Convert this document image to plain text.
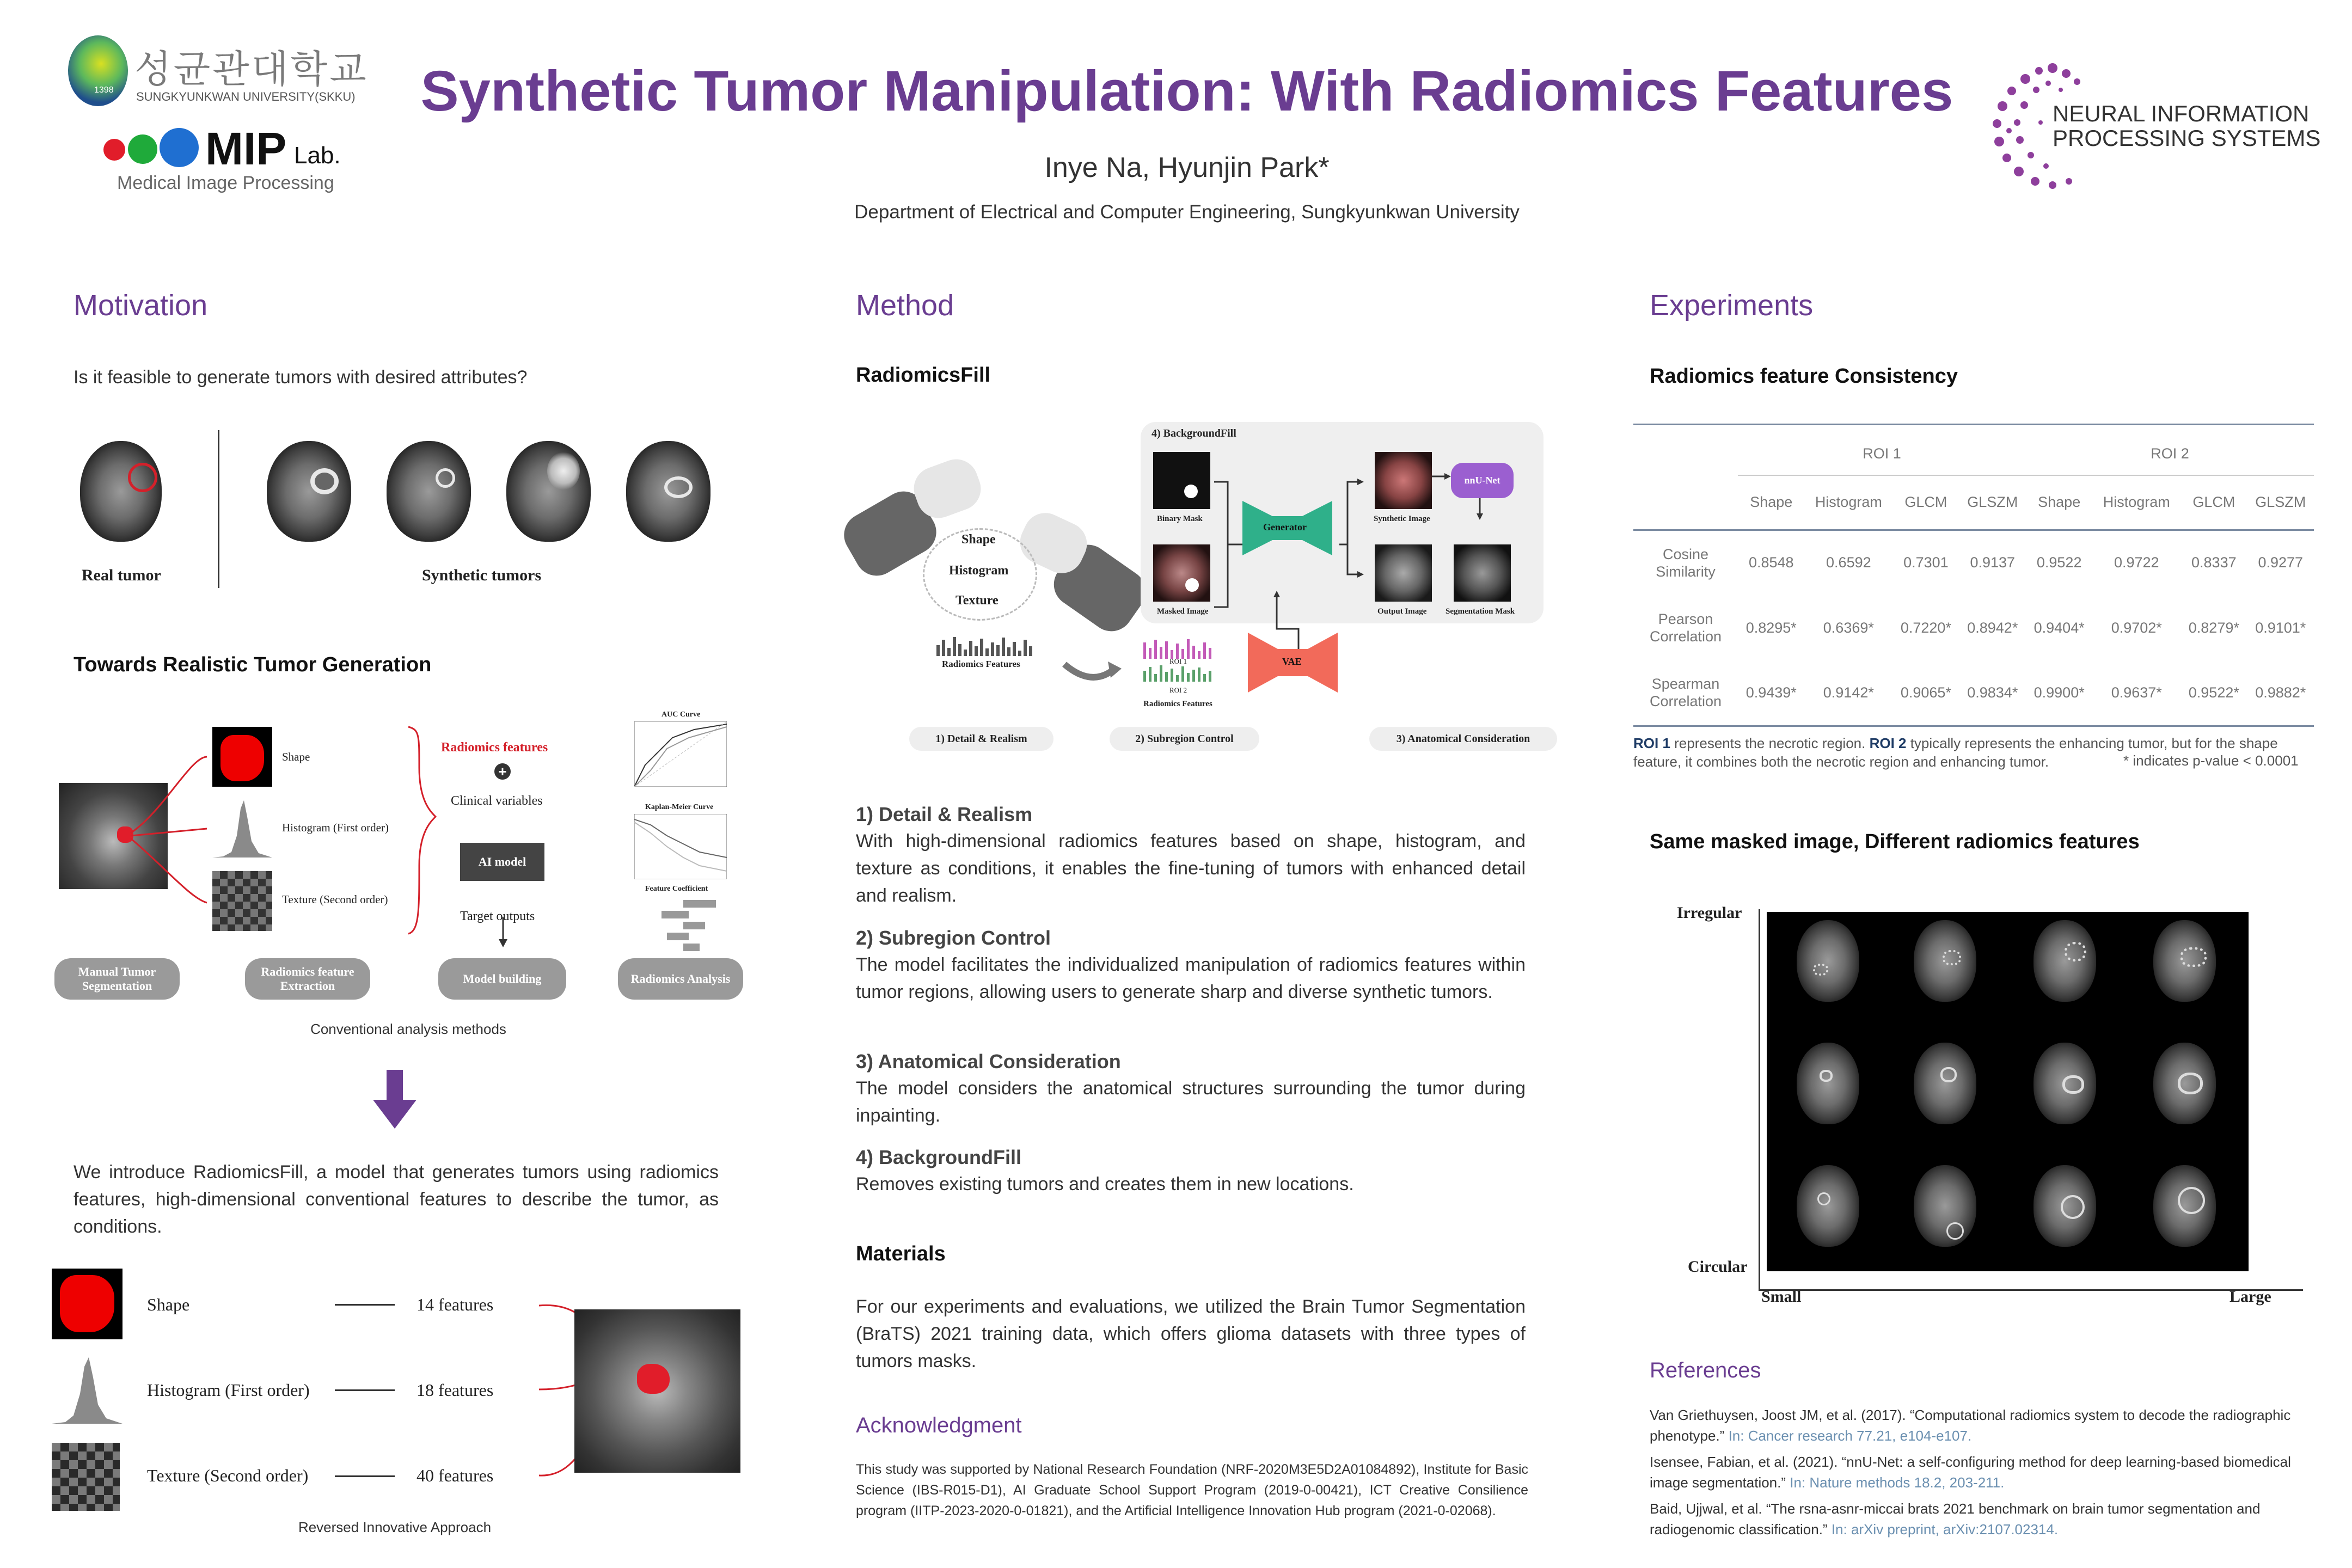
1398 성균관대학교
SUNGKYUNKWAN UNIVERSITY(SKKU)
MIP Lab.
Medical Image Processing
Synthetic Tumor Manipulation: With Radiomics Features
Inye Na, Hyunjin Park*
Department of Electrical and Computer Engineering, Sungkyunkwan University
NEURAL INFORMATION
PROCESSING SYSTEMS
Motivation
Is it feasible to generate tumors with desired attributes?
Real tumor	Synthetic tumors
Towards Realistic Tumor Generation
Shape
Histogram (First order)
Texture (Second order)
Radiomics features
+
Clinical variables
AI model
Target outputs
AUC Curve
Kaplan-Meier Curve
Feature Coefficient
Manual Tumor Segmentation
Radiomics feature Extraction
Model building	Radiomics Analysis
Conventional analysis methods
We introduce RadiomicsFill, a model that generates tumors using radiomics features, high-dimensional conventional features to describe the tumor, as conditions.
Shape	14 features
Histogram (First order)	18 features
Texture (Second order)	40 features
Reversed Innovative Approach
Method
RadiomicsFill
Shape
Histogram
Texture
Radiomics Features
4) BackgroundFill
Binary Mask
Masked Image
Generator
Synthetic Image
Output Image
nnU-Net
Segmentation Mask
ROI 1
ROI 2
Radiomics Features
VAE
1) Detail & Realism	2) Subregion Control	3) Anatomical Consideration
1) Detail & Realism
With high-dimensional radiomics features based on shape, histogram, and texture as conditions, it enables the fine-tuning of tumors with enhanced detail and realism.
2) Subregion Control
The model facilitates the individualized manipulation of radiomics features within tumor regions, allowing users to generate sharp and diverse synthetic tumors.
3) Anatomical Consideration
The model considers the anatomical structures surrounding the tumor during inpainting.
4) BackgroundFill
Removes existing tumors and creates them in new locations.
Materials
For our experiments and evaluations, we utilized the Brain Tumor Segmentation (BraTS) 2021 training data, which offers glioma datasets with three types of tumors masks.
Acknowledgment
This study was supported by National Research Foundation (NRF-2020M3E5D2A01084892), Institute for Basic Science (IBS-R015-D1), AI Graduate School Support Program (2019-0-00421), ICT Creative Consilience program (IITP-2023-2020-0-01821), and the Artificial Intelligence Innovation Hub program (2021-0-02068).
Experiments
Radiomics feature Consistency
	ROI 1				ROI 2			
	Shape	Histogram	GLCM	GLSZM	Shape	Histogram	GLCM	GLSZM
Cosine Similarity	0.8548	0.6592	0.7301	0.9137	0.9522	0.9722	0.8337	0.9277
Pearson Correlation	0.8295*	0.6369*	0.7220*	0.8942*	0.9404*	0.9702*	0.8279*	0.9101*
Spearman Correlation	0.9439*	0.9142*	0.9065*	0.9834*	0.9900*	0.9637*	0.9522*	0.9882*
ROI 1 represents the necrotic region. ROI 2 typically represents the enhancing tumor, but for the shape feature, it combines both the necrotic region and enhancing tumor.	* indicates p-value < 0.0001
Same masked image, Different radiomics features
Irregular
Circular
Small	Large
References
Van Griethuysen, Joost JM, et al. (2017). “Computational radiomics system to decode the radiographic phenotype.” In: Cancer research 77.21, e104-e107.
Isensee, Fabian, et al. (2021). “nnU-Net: a self-configuring method for deep learning-based biomedical image segmentation.” In: Nature methods 18.2, 203-211.
Baid, Ujjwal, et al. “The rsna-asnr-miccai brats 2021 benchmark on brain tumor segmentation and radiogenomic classification.” In: arXiv preprint, arXiv:2107.02314.
